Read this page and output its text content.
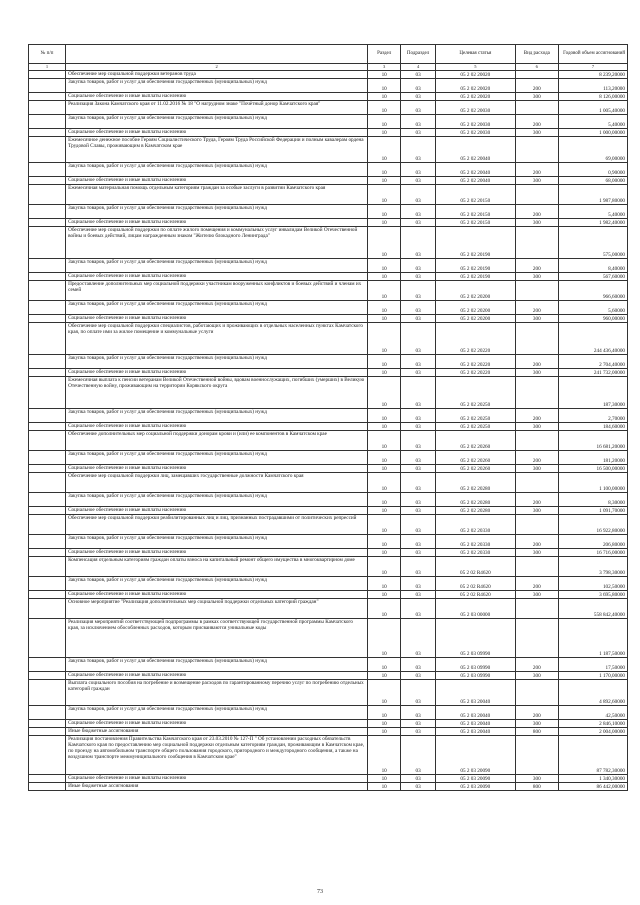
№ п/п		Раздел	Подраздел	Целевая статья	Вид расхода	Годовой объем ассигнований
1	2	3	4	5	6	7
	Обеспечение мер социальной поддержки ветеранов труда	10	03	05 2 02 20020		8 239,20000
	Закупка товаров, работ и услуг для обеспечения государственных (муниципальных) нужд	10	03	05 2 02 20020	200	113,20000
	Социальное обеспечение и иные выплаты населению	10	03	05 2 02 20020	300	8 126,00000
	Реализация Закона Камчатского края от 11.02.2016 № 18 "О нагрудном знаке "Почётный донор Камчатского края"	10	03	05 2 02 20030		1 005,40000
	Закупка товаров, работ и услуг для обеспечения государственных (муниципальных) нужд	10	03	05 2 02 20030	200	5,40000
	Социальное обеспечение и иные выплаты населению	10	03	05 2 02 20030	300	1 000,00000
	Ежемесячное денежное пособие Героям Социалистического Труда, Героям Труда Российской Федерации и полным кавалерам ордена Трудовой Славы, проживающим в Камчатском крае	10	03	05 2 02 20040		69,00000
	Закупка товаров, работ и услуг для обеспечения государственных (муниципальных) нужд	10	03	05 2 02 20040	200	0,90000
	Социальное обеспечение и иные выплаты населению	10	03	05 2 02 20040	300	68,00000
	Ежемесячная материальная помощь отдельным категориям граждан за особые заслуги в развитии Камчатского края	10	03	05 2 02 20150		1 987,80000
	Закупка товаров, работ и услуг для обеспечения государственных (муниципальных) нужд	10	03	05 2 02 20150	200	5,40000
	Социальное обеспечение и иные выплаты населению	10	03	05 2 02 20150	300	1 982,40000
	Обеспечение мер социальной поддержки по оплате жилого помещения и коммунальных услуг инвалидам Великой Отечественной войны и боевых действий, лицам награжденным знаком "Жителю блокадного Ленинграда"	10	03	05 2 02 20190		575,00000
	Закупка товаров, работ и услуг для обеспечения государственных (муниципальных) нужд	10	03	05 2 02 20190	200	8,40000
	Социальное обеспечение и иные выплаты населению	10	03	05 2 02 20190	300	567,60000
	Предоставление дополнительных мер социальной поддержки участникам вооруженных конфликтов и боевых действий и членам их семей	10	03	05 2 02 20200		966,60000
	Закупка товаров, работ и услуг для обеспечения государственных (муниципальных) нужд	10	03	05 2 02 20200	200	5,60000
	Социальное обеспечение и иные выплаты населению	10	03	05 2 02 20200	300	960,00000
	Обеспечение мер социальной поддержки специалистов, работающих и проживающих в отдельных населенных пунктах Камчатского края, по оплате ими за жилое помещение и коммунальные услуги	10	03	05 2 02 20220		244 436,40000
	Закупка товаров, работ и услуг для обеспечения государственных (муниципальных) нужд	10	03	05 2 02 20220	200	2 704,40000
	Социальное обеспечение и иные выплаты населению	10	03	05 2 02 20220	300	241 732,00000
	Ежемесячная выплата к пенсии ветеранам Великой Отечественной войны, вдовам военнослужащих, погибших (умерших) в Великую Отечественную войну, проживающим на территории Корякского округа	10	03	05 2 02 20250		187,30000
	Закупка товаров, работ и услуг для обеспечения государственных (муниципальных) нужд	10	03	05 2 02 20250	200	2,70000
	Социальное обеспечение и иные выплаты населению	10	03	05 2 02 20250	300	184,60000
	Обеспечение дополнительных мер социальной поддержки донорам крови и (или) ее компонентов в Камчатском крае	10	03	05 2 02 20260		16 681,20000
	Закупка товаров, работ и услуг для обеспечения государственных (муниципальных) нужд	10	03	05 2 02 20260	200	181,20000
	Социальное обеспечение и иные выплаты населению	10	03	05 2 02 20260	300	16 500,00000
	Обеспечение мер социальной поддержки лиц, замещавших государственные должности Камчатского края	10	03	05 2 02 20280		1 100,00000
	Закупка товаров, работ и услуг для обеспечения государственных (муниципальных) нужд	10	03	05 2 02 20280	200	8,30000
	Социальное обеспечение и иные выплаты населению	10	03	05 2 02 20280	300	1 091,70000
	Обеспечение мер социальной поддержки реабилитированных лиц и лиц, признанных пострадавшими от политических репрессий	10	03	05 2 02 20330		16 922,80000
	Закупка товаров, работ и услуг для обеспечения государственных (муниципальных) нужд	10	03	05 2 02 20330	200	206,80000
	Социальное обеспечение и иные выплаты населению	10	03	05 2 02 20330	300	16 716,00000
	Компенсация отдельным категориям граждан оплаты взноса на капитальный ремонт общего имущества в многоквартирном доме	10	03	05 2 02 R4620		3 798,30000
	Закупка товаров, работ и услуг для обеспечения государственных (муниципальных) нужд	10	03	05 2 02 R4620	200	102,50000
	Социальное обеспечение и иные выплаты населению	10	03	05 2 02 R4620	300	3 695,80000
	Основное мероприятие "Реализация дополнительных мер социальной поддержки отдельных категорий граждан"	10	03	05 2 03 00000		558 842,40000
	Реализация мероприятий соответствующей подпрограммы в рамках соответствующей государственной программы Камчатского края, за исключением обособленных расходов, которым присваиваются уникальные коды	10	03	05 2 03 09990		1 187,50000
	Закупка товаров, работ и услуг для обеспечения государственных (муниципальных) нужд	10	03	05 2 03 09990	200	17,50000
	Социальное обеспечение и иные выплаты населению	10	03	05 2 03 09990	300	1 170,00000
	Выплата социального пособия на погребение и возмещение расходов по гарантированному перечню услуг по погребению отдельных категорий граждан	10	03	05 2 03 20040		4 892,60000
	Закупка товаров, работ и услуг для обеспечения государственных (муниципальных) нужд	10	03	05 2 03 20040	200	42,50000
	Социальное обеспечение и иные выплаты населению	10	03	05 2 03 20040	300	2 846,10000
	Иные бюджетные ассигнования	10	03	05 2 03 20040	800	2 004,00000
	Реализация постановления Правительства Камчатского края от 23.03.2010 № 127-П " Об установлении расходных обязательств Камчатского края по предоставлению мер социальной поддержки отдельным категориям граждан, проживающим в Камчатском крае, по проезду на автомобильном транспорте общего пользования городского, пригородного и междугородного сообщения, а также на воздушном транспорте межмуниципального сообщения в Камчатском крае"	10	03	05 2 03 20090		87 782,30000
	Социальное обеспечение и иные выплаты населению	10	03	05 2 03 20090	300	1 340,30000
	Иные бюджетные ассигнования	10	03	05 2 03 20090	800	86 442,00000
73
